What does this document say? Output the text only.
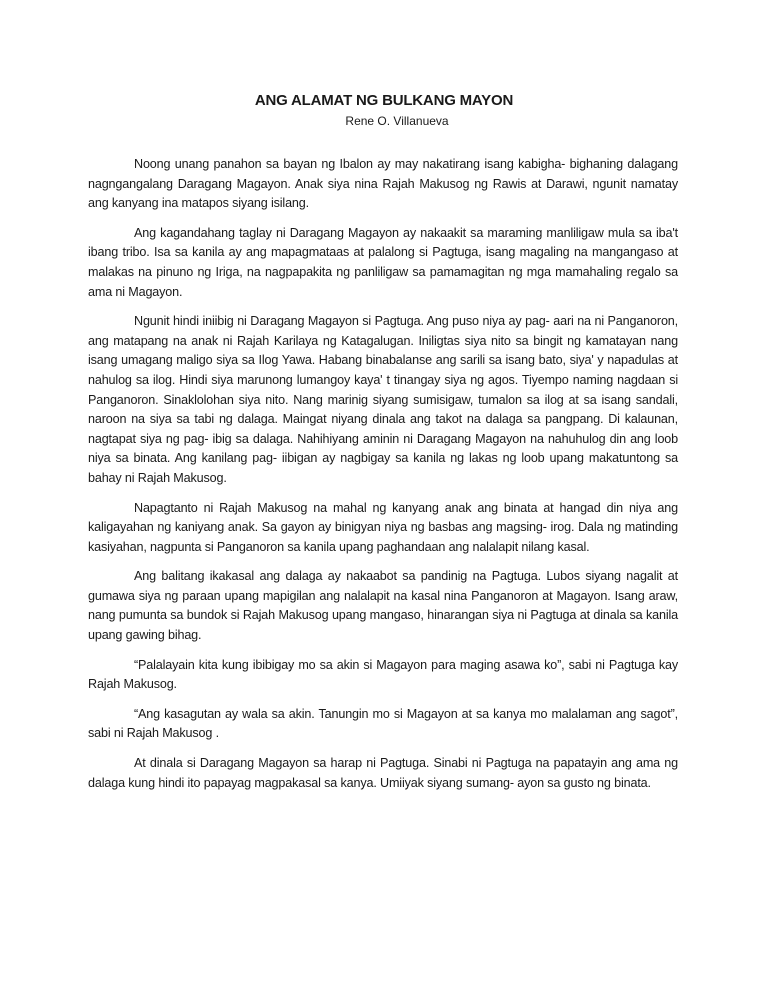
ANG ALAMAT NG BULKANG MAYON
Rene O. Villanueva

Noong unang panahon sa bayan ng Ibalon ay may nakatirang isang kabigha- bighaning dalagang nagngangalang Daragang Magayon. Anak siya nina Rajah Makusog ng Rawis at Darawi, ngunit namatay ang kanyang ina matapos siyang isilang.

Ang kagandahang taglay ni Daragang Magayon ay nakaakit sa maraming manliligaw mula sa iba't ibang tribo. Isa sa kanila ay ang mapagmataas at palalong si Pagtuga, isang magaling na mangangaso at malakas na pinuno ng Iriga, na nagpapakita ng panliligaw sa pamamagitan ng mga mamahaling regalo sa ama ni Magayon.

Ngunit hindi iniibig ni Daragang Magayon si Pagtuga. Ang puso niya ay pag- aari na ni Panganoron, ang matapang na anak ni Rajah Karilaya ng Katagalugan. Iniligtas siya nito sa bingit ng kamatayan nang isang umagang maligo siya sa Ilog Yawa. Habang binabalanse ang sarili sa isang bato, siya' y napadulas at nahulog sa ilog. Hindi siya marunong lumangoy kaya' t tinangay siya ng agos. Tiyempo naming nagdaan si Panganoron. Sinaklolohan siya nito. Nang marinig siyang sumisigaw, tumalon sa ilog at sa isang sandali, naroon na siya sa tabi ng dalaga. Maingat niyang dinala ang takot na dalaga sa pangpang. Di kalaunan, nagtapat siya ng pag- ibig sa dalaga. Nahihiyang aminin ni Daragang Magayon na nahuhulog din ang loob niya sa binata. Ang kanilang pag- iibigan ay nagbigay sa kanila ng lakas ng loob upang makatuntong sa bahay ni Rajah Makusog.

Napagtanto ni Rajah Makusog na mahal ng kanyang anak ang binata at hangad din niya ang kaligayahan ng kaniyang anak. Sa gayon ay binigyan niya ng basbas ang magsing- irog. Dala ng matinding kasiyahan, nagpunta si Panganoron sa kanila upang paghandaan ang nalalapit nilang kasal.

Ang balitang ikakasal ang dalaga ay nakaabot sa pandinig na Pagtuga. Lubos siyang nagalit at gumawa siya ng paraan upang mapigilan ang nalalapit na kasal nina Panganoron at Magayon. Isang araw, nang pumunta sa bundok si Rajah Makusog upang mangaso, hinarangan siya ni Pagtuga at dinala sa kanila upang gawing bihag.

“Palalayain kita kung ibibigay mo sa akin si Magayon para maging asawa ko”, sabi ni Pagtuga kay Rajah Makusog.

“Ang kasagutan ay wala sa akin. Tanungin mo si Magayon at sa kanya mo malalaman ang sagot”, sabi ni Rajah Makusog .

At dinala si Daragang Magayon sa harap ni Pagtuga. Sinabi ni Pagtuga na papatayin ang ama ng dalaga kung hindi ito papayag magpakasal sa kanya. Umiiyak siyang sumang- ayon sa gusto ng binata.
